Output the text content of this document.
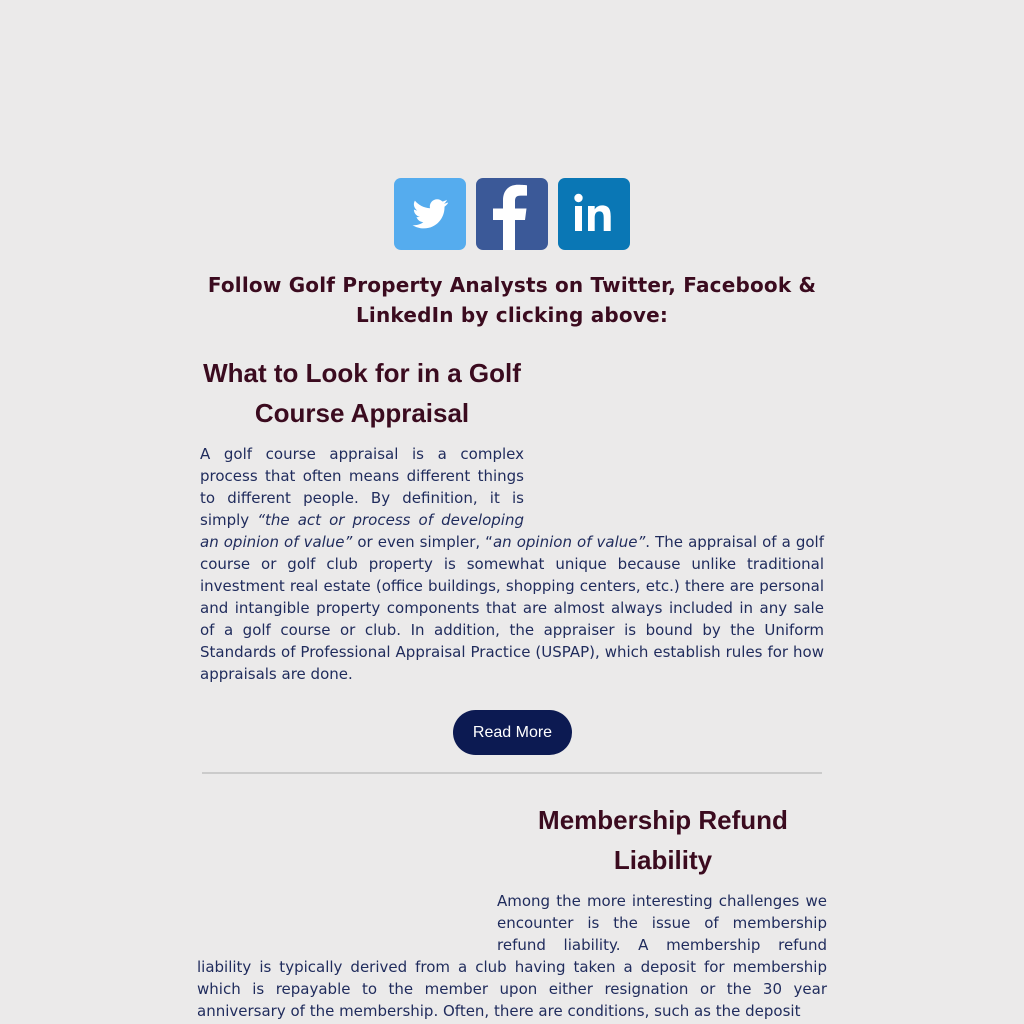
Follow Golf Property Analysts on Twitter, Facebook & LinkedIn by clicking above:
What to Look for in a Golf Course Appraisal

A golf course appraisal is a complex process that often means different things to different people. By definition, it is simply “the act or process of developing an opinion of value” or even simpler, “an opinion of value”. The appraisal of a golf course or golf club property is somewhat unique because unlike traditional investment real estate (office buildings, shopping centers, etc.) there are personal and intangible property components that are almost always included in any sale of a golf course or club. In addition, the appraiser is bound by the Uniform Standards of Professional Appraisal Practice (USPAP), which establish rules for how appraisals are done.

Read More
Membership Refund Liability

Among the more interesting challenges we encounter is the issue of membership refund liability. A membership refund liability is typically derived from a club having taken a deposit for membership which is repayable to the member upon either resignation or the 30 year anniversary of the membership. Often, there are conditions, such as the deposit
